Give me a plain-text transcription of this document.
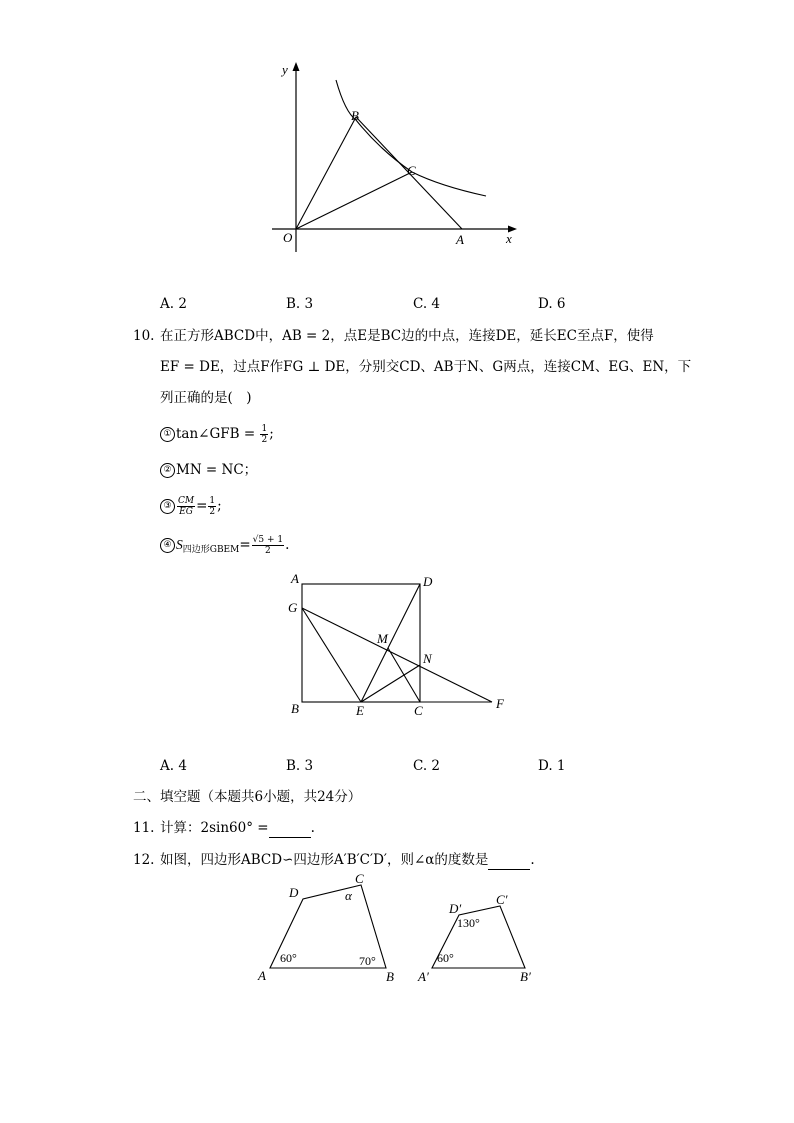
y
x
O	A
B
C
A. 2	B. 3	C. 4	D. 6
10. 在正方形ABCD中，AB = 2，点E是BC边的中点，连接DE，延长EC至点F，使得
EF = DE，过点F作FG ⊥ DE，分别交CD、AB于N、G两点，连接CM、EG、EN，下
列正确的是(　)
① tan∠GFB = $\frac{1}{2}$ ;
② MN = NC；
③ $\frac{CM}{EG} = \frac{1}{2}$ ;
④ $S_{四边形GBEM}= \frac{√5 + 1}{2}$ .
A	D
G
M
N
B	E	C	F
A. 4	B. 3	C. 2	D. 1
二、填空题（本题共6小题，共24分）
11. 计算：2sin60° =	.
12. 如图，四边形ABCD∽四边形A′B′C′D′，则∠α的度数是	.
D
C
α
A	B
60°	70°
D′
C′
130°
60°
A′	B′
